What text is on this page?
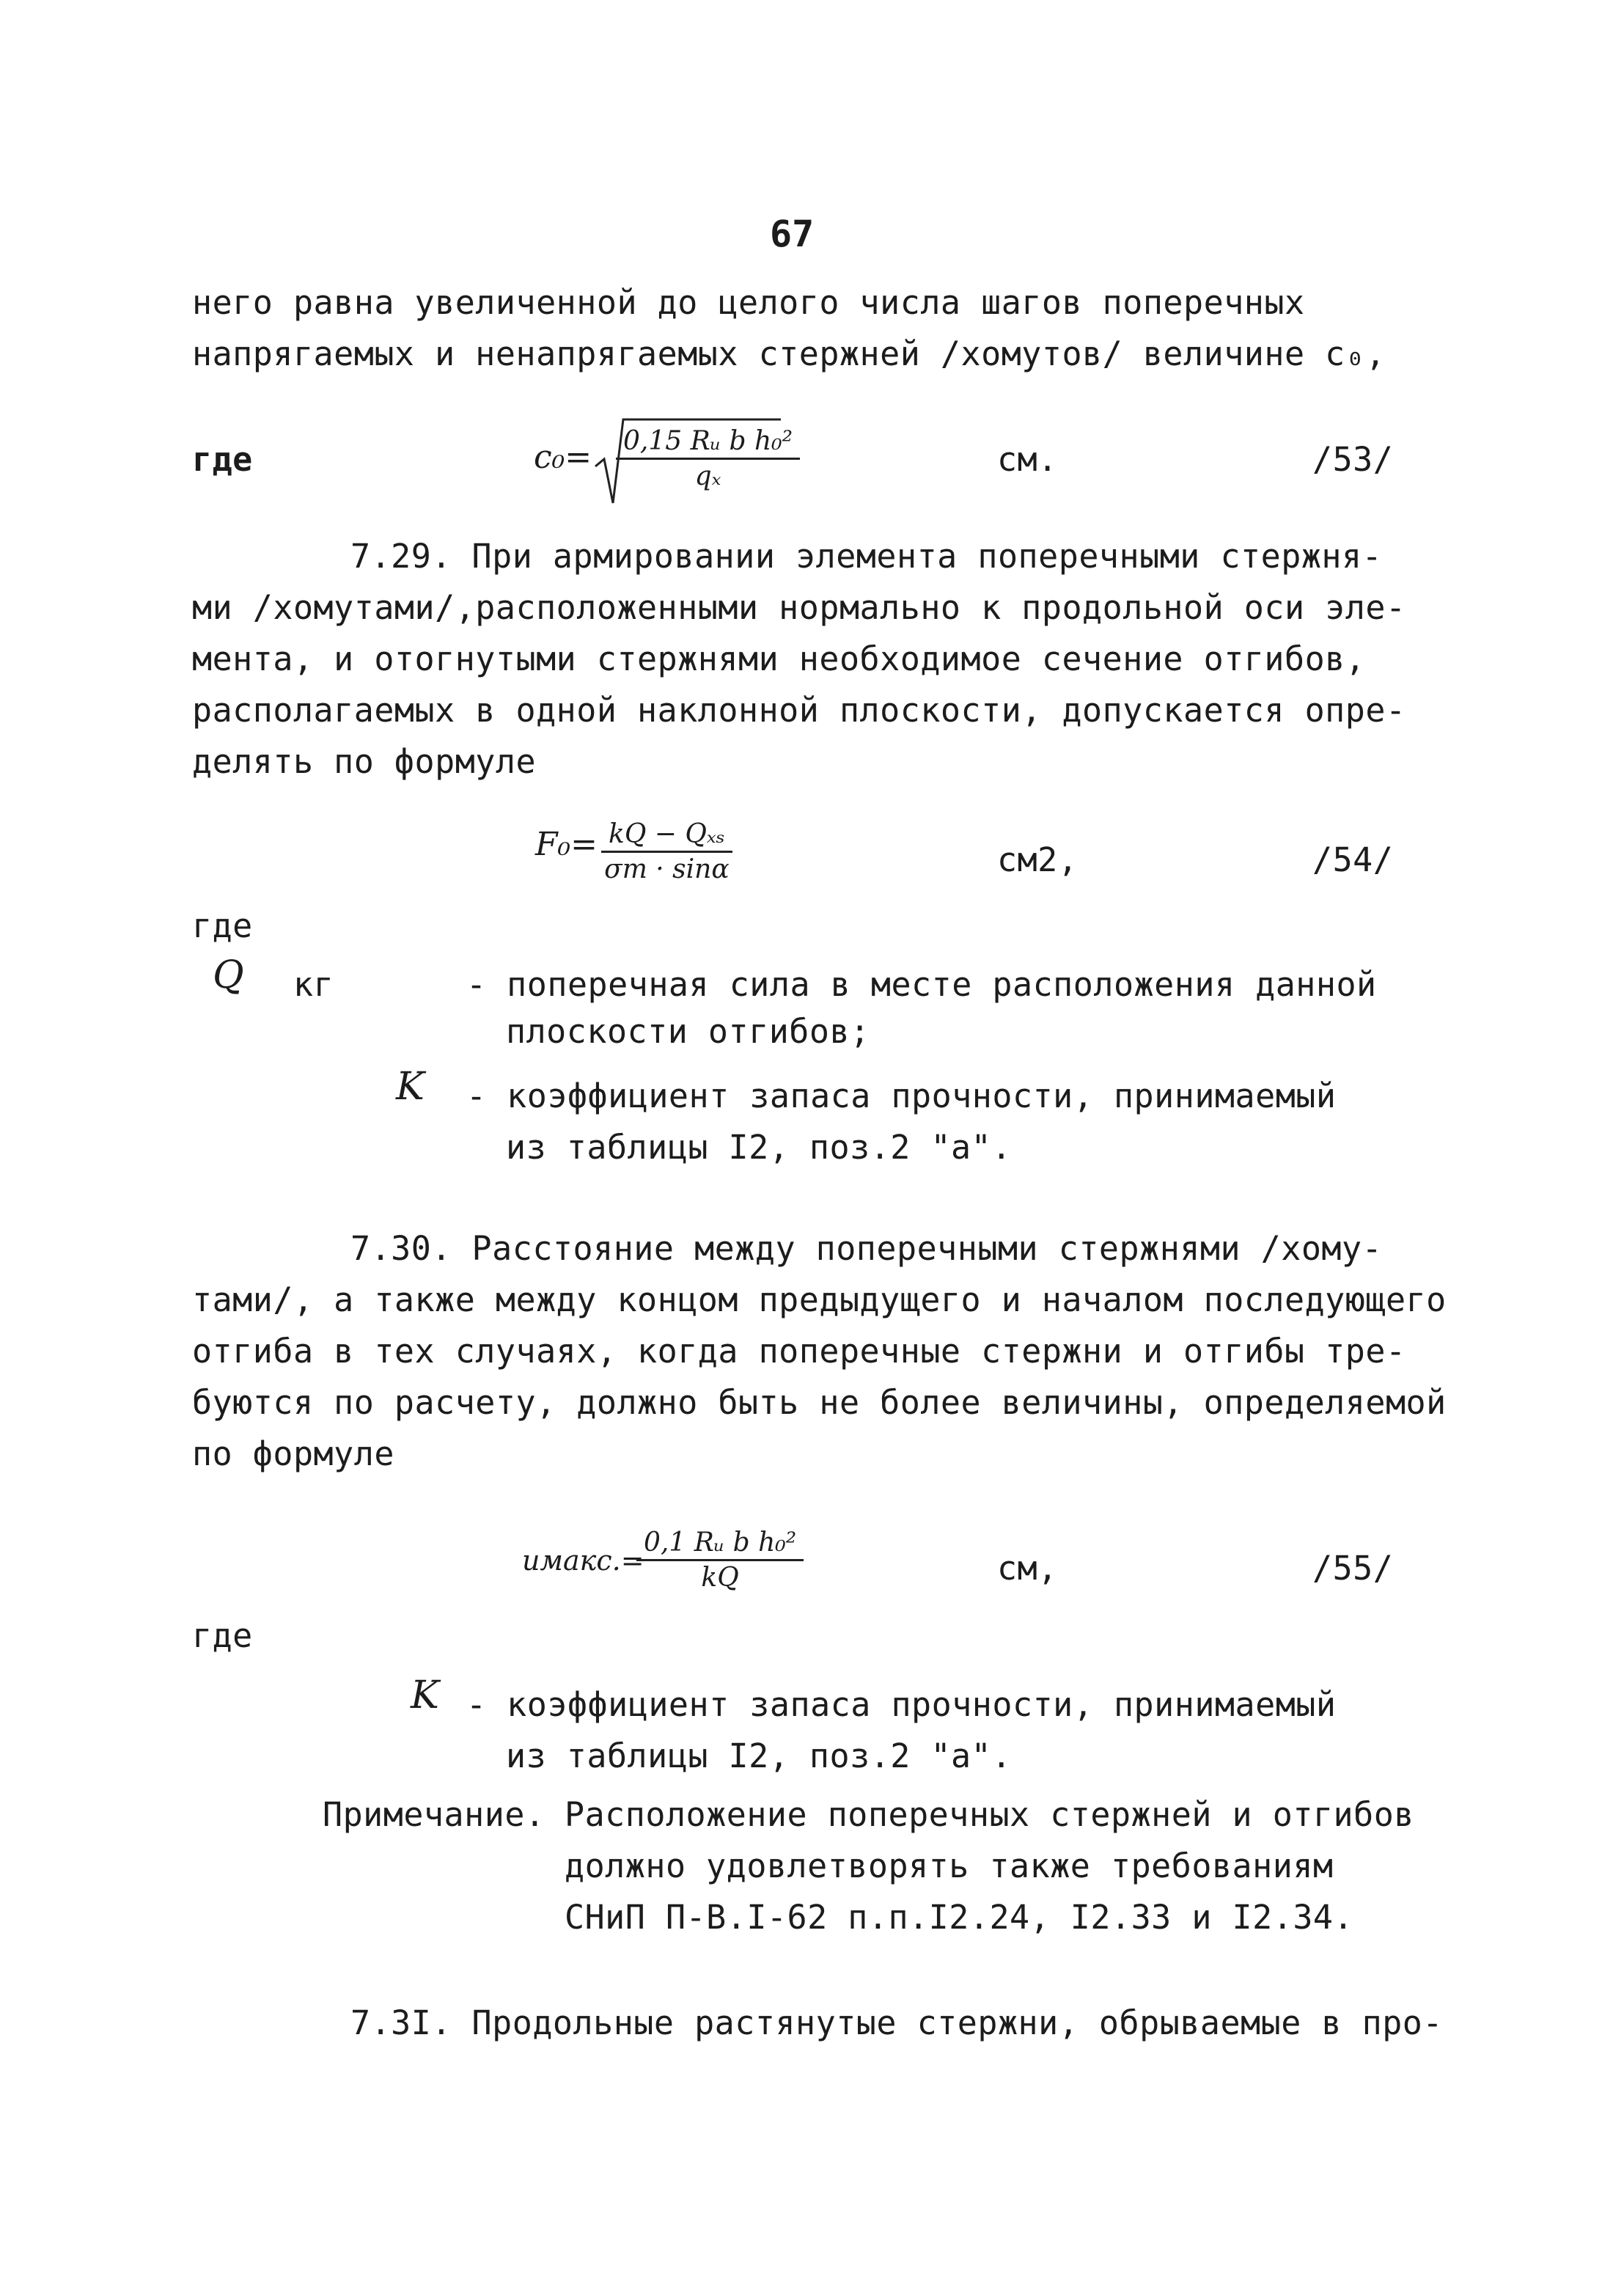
67
него равна увеличенной до целого числа шагов поперечных
напрягаемых и ненапрягаемых стержней /хомутов/ величине c₀,
где	$c_0= \frac{\text{0,15 Rᵤ b h₀²}}{\text{qₓ}}$	см.	/53/
7.29. При армировании элемента поперечными стержня-
ми /хомутами/,расположенными нормально к продольной оси эле-
мента, и отогнутыми стержнями необходимое сечение отгибов,
располагаемых в одной наклонной плоскости, допускается опре-
делять по формуле
F₀= kQ − Qₓₛ
σт · sinα	см2,	/54/
где
Q кг	- поперечная сила в месте расположения данной
плоскости отгибов;
K - коэффициент запаса прочности, принимаемый
из таблицы I2, поз.2 "а".
7.30. Расстояние между поперечными стержнями /хому-
тами/, а также между концом предыдущего и началом последующего
отгиба в тех случаях, когда поперечные стержни и отгибы тре-
буются по расчету, должно быть не более величины, определяемой
по формуле
uмакс.=
$\frac{\text{0,1 Rᵤ b h₀²}}{kQ}$	см,	/55/
где
K - коэффициент запаса прочности, принимаемый
из таблицы I2, поз.2 "а".
Примечание. Расположение поперечных стержней и отгибов
должно удовлетворять также требованиям
СНиП П-В.I-62 п.п.I2.24, I2.33 и I2.34.
7.3I. Продольные растянутые стержни, обрываемые в про-
